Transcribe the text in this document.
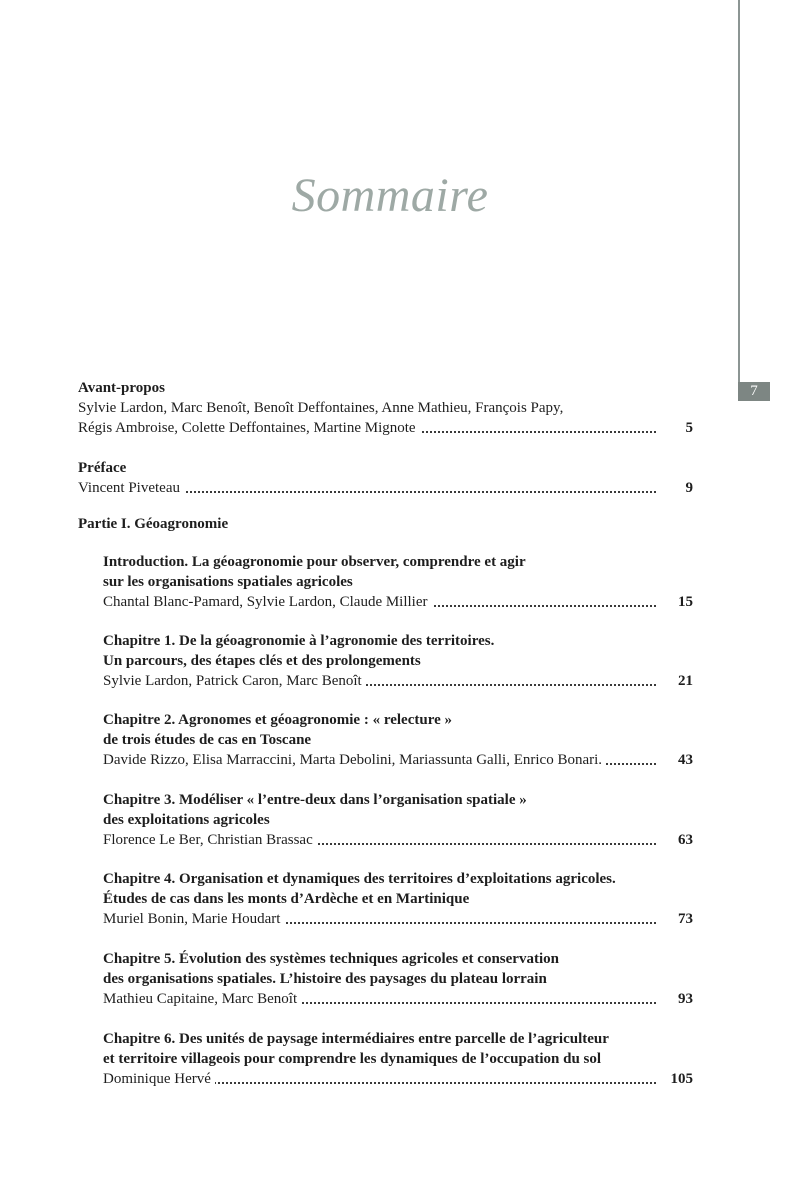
7
Sommaire
Avant-propos
Sylvie Lardon, Marc Benoît, Benoît Deffontaines, Anne Mathieu, François Papy,
Régis Ambroise, Colette Deffontaines, Martine Mignote	5
Préface
Vincent Piveteau	9
Partie I. Géoagronomie
Introduction. La géoagronomie pour observer, comprendre et agir
sur les organisations spatiales agricoles
Chantal Blanc-Pamard, Sylvie Lardon, Claude Millier	15
Chapitre 1. De la géoagronomie à l’agronomie des territoires.
Un parcours, des étapes clés et des prolongements
Sylvie Lardon, Patrick Caron, Marc Benoît	21
Chapitre 2. Agronomes et géoagronomie : « relecture »
de trois études de cas en Toscane
Davide Rizzo, Elisa Marraccini, Marta Debolini, Mariassunta Galli, Enrico Bonari.	43
Chapitre 3. Modéliser « l’entre-deux dans l’organisation spatiale »
des exploitations agricoles
Florence Le Ber, Christian Brassac	63
Chapitre 4. Organisation et dynamiques des territoires d’exploitations agricoles.
Études de cas dans les monts d’Ardèche et en Martinique
Muriel Bonin, Marie Houdart	73
Chapitre 5. Évolution des systèmes techniques agricoles et conservation
des organisations spatiales. L’histoire des paysages du plateau lorrain
Mathieu Capitaine, Marc Benoît	93
Chapitre 6. Des unités de paysage intermédiaires entre parcelle de l’agriculteur
et territoire villageois pour comprendre les dynamiques de l’occupation du sol
Dominique Hervé	105
